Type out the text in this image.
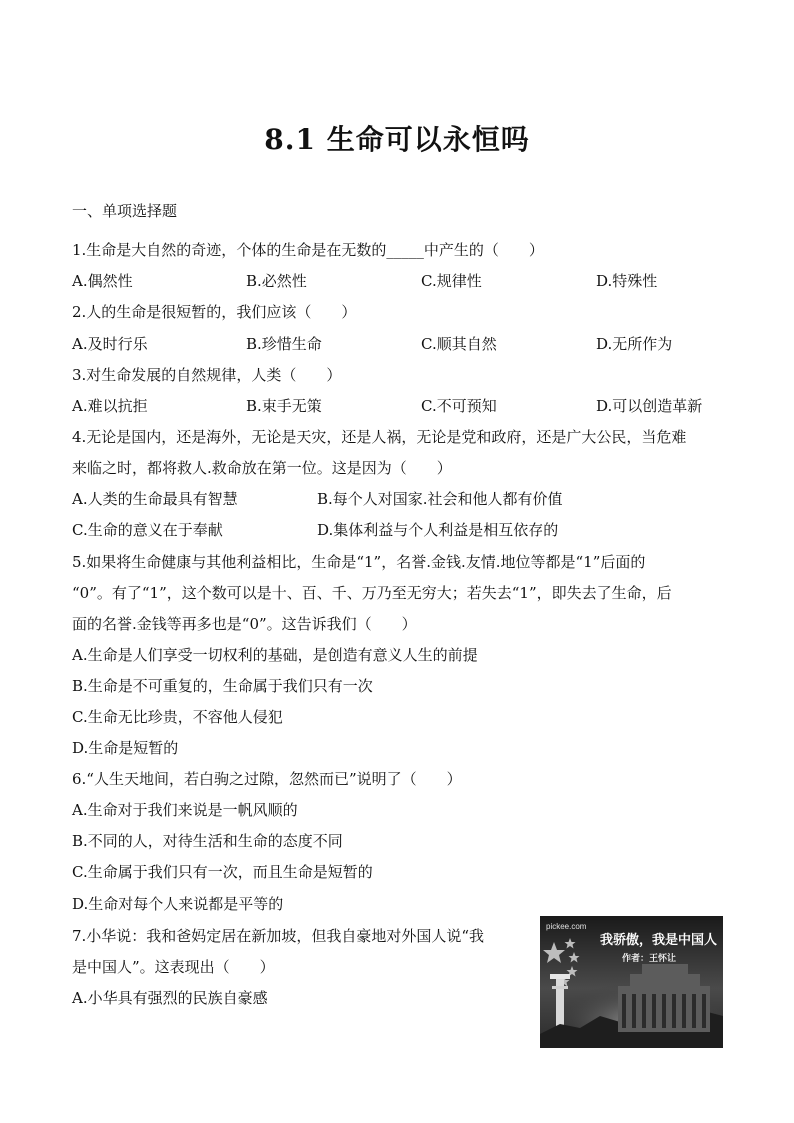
8.1 生命可以永恒吗
一、单项选择题
1.生命是大自然的奇迹，个体的生命是在无数的_____中产生的（　　）
A.偶然性	B.必然性	C.规律性	D.特殊性
2.人的生命是很短暂的，我们应该（　　）
A.及时行乐	B.珍惜生命	C.顺其自然	D.无所作为
3.对生命发展的自然规律，人类（　　）
A.难以抗拒	B.束手无策	C.不可预知	D.可以创造革新
4.无论是国内，还是海外，无论是天灾，还是人祸，无论是党和政府，还是广大公民，当危难
来临之时，都将救人.救命放在第一位。这是因为（　　）
A.人类的生命最具有智慧	B.每个人对国家.社会和他人都有价值
C.生命的意义在于奉献	D.集体利益与个人利益是相互依存的
5.如果将生命健康与其他利益相比，生命是“1”，名誉.金钱.友情.地位等都是“1”后面的
“0”。有了“1”，这个数可以是十、百、千、万乃至无穷大；若失去“1”，即失去了生命，后
面的名誉.金钱等再多也是“0”。这告诉我们（　　）
A.生命是人们享受一切权利的基础，是创造有意义人生的前提
B.生命是不可重复的，生命属于我们只有一次
C.生命无比珍贵，不容他人侵犯
D.生命是短暂的
6.“人生天地间，若白驹之过隙，忽然而已”说明了（　　）
A.生命对于我们来说是一帆风顺的
B.不同的人，对待生活和生命的态度不同
C.生命属于我们只有一次，而且生命是短暂的
D.生命对每个人来说都是平等的
7.小华说：我和爸妈定居在新加坡，但我自豪地对外国人说“我
是中国人”。这表现出（　　）
A.小华具有强烈的民族自豪感
pickee.com
我骄傲，我是中国人
作者：王怀让
